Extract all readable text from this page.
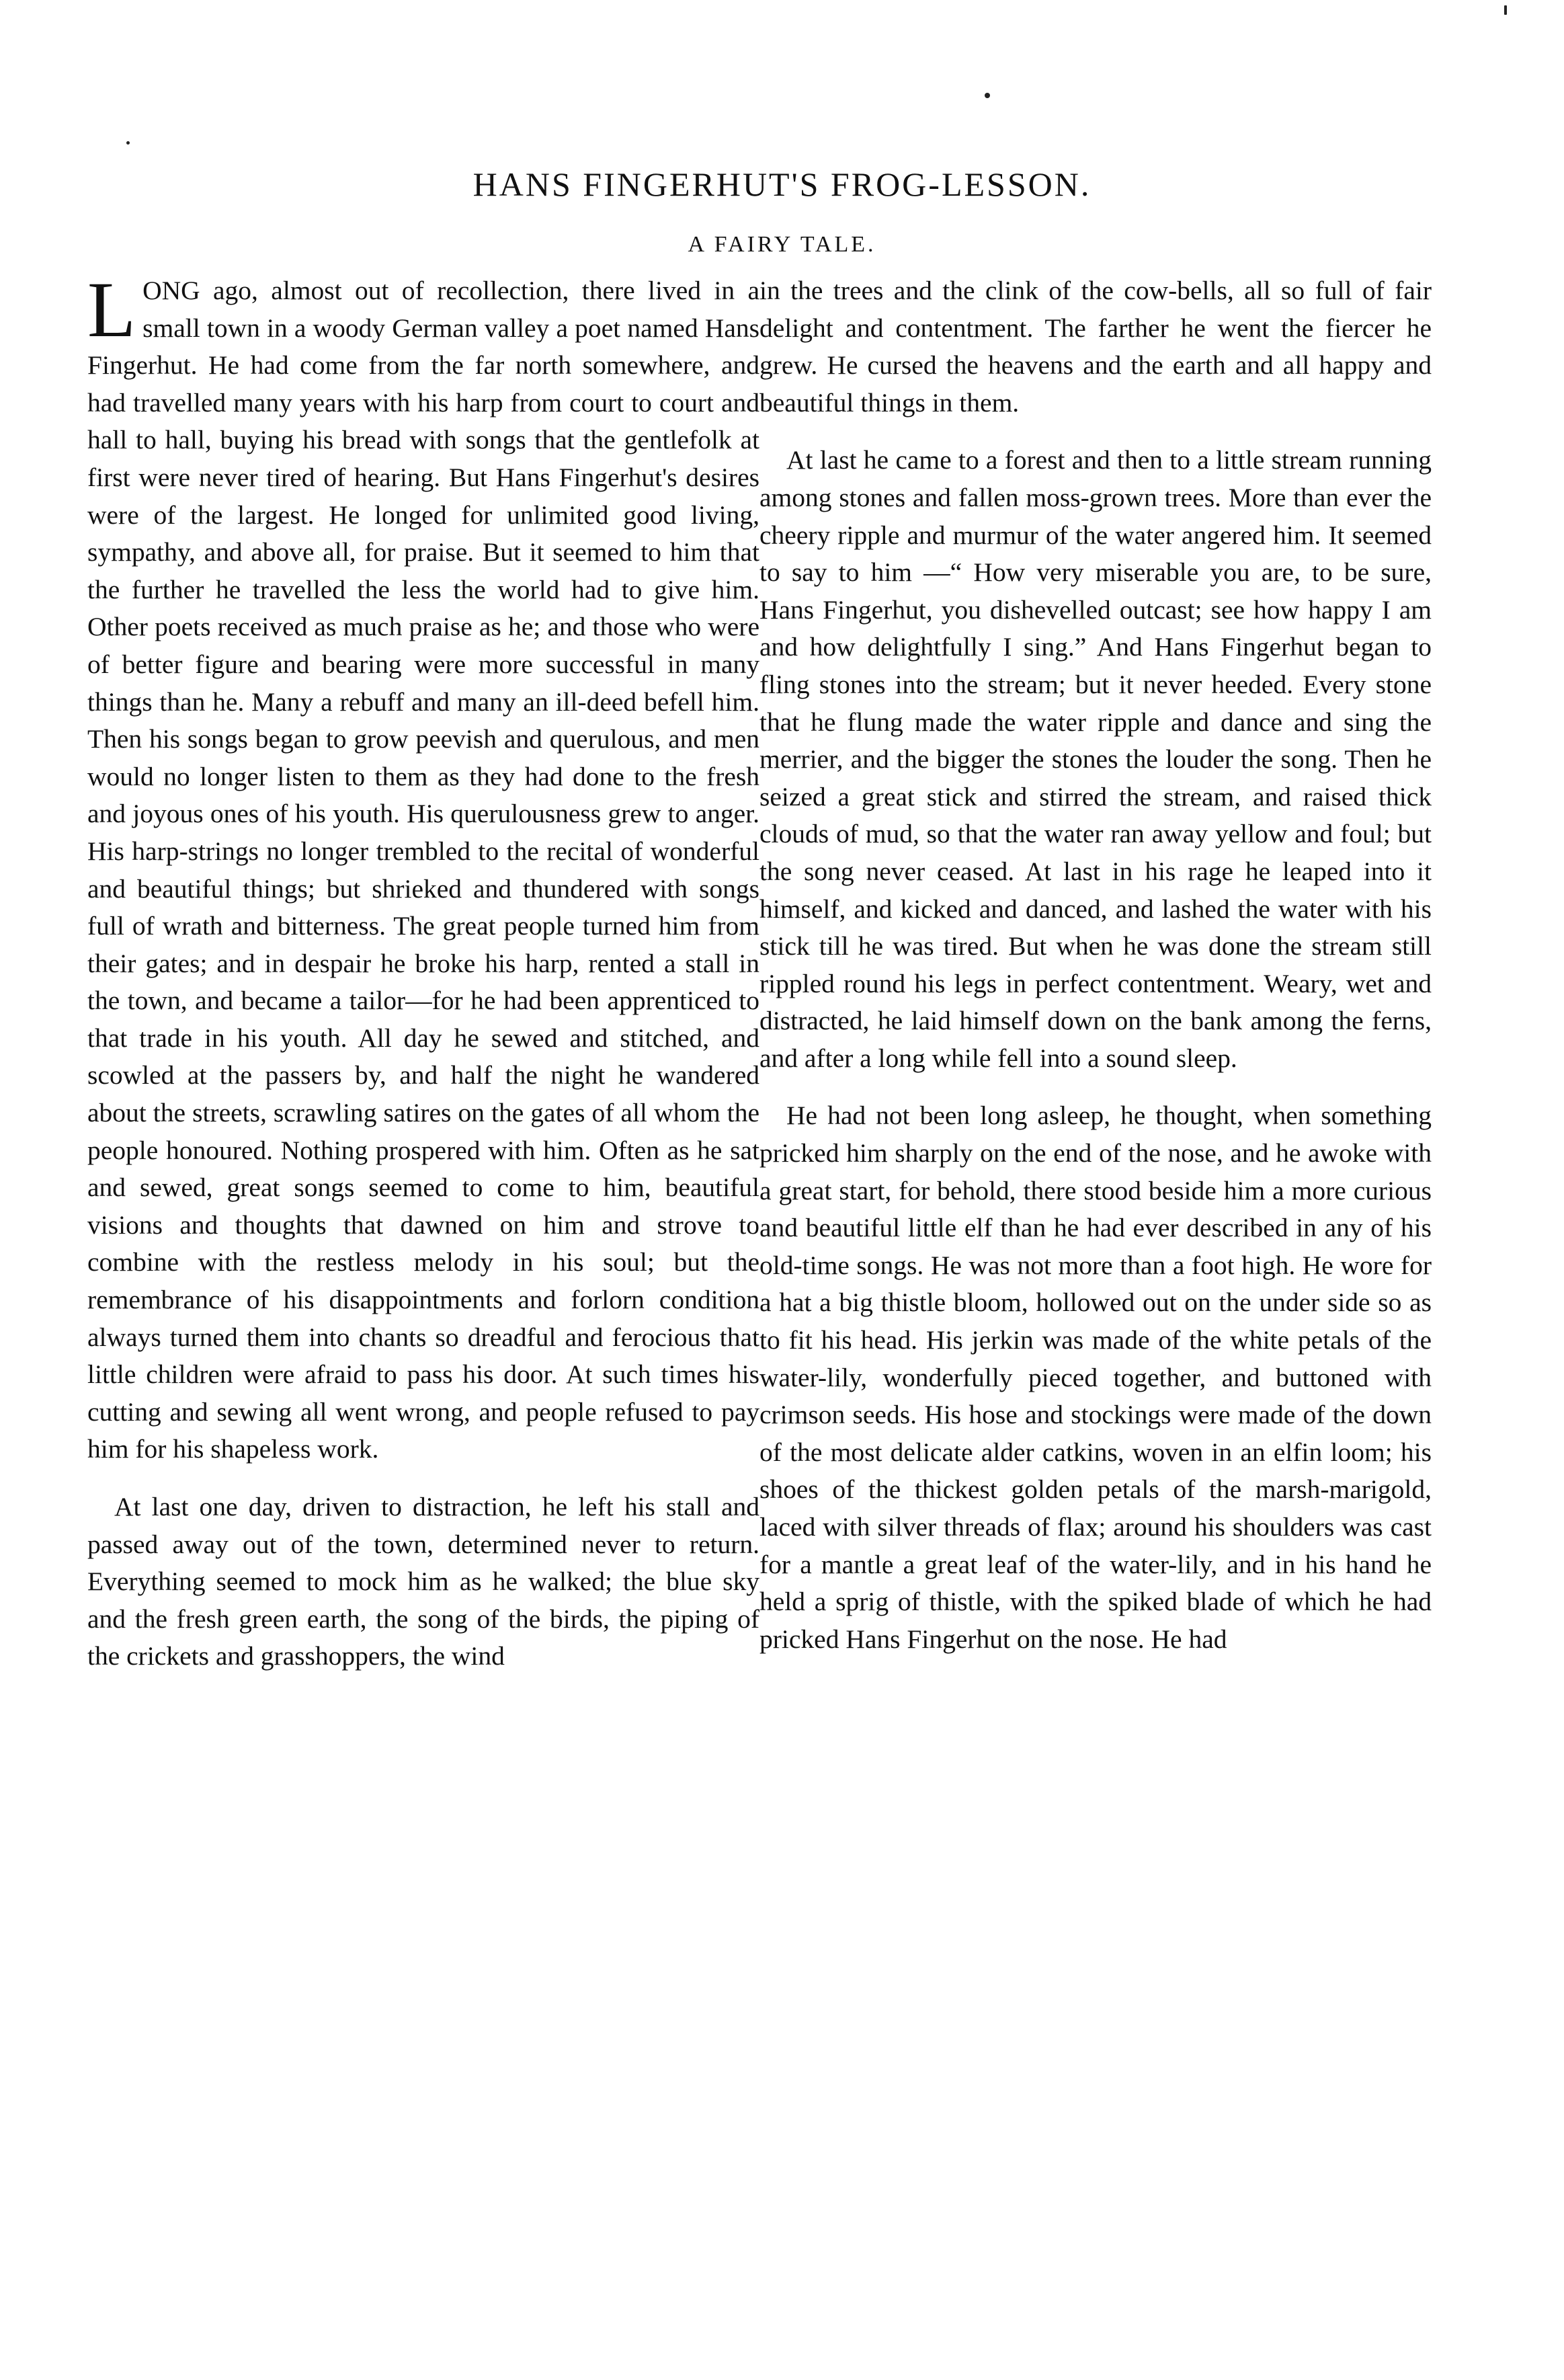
HANS FINGERHUT'S FROG-LESSON.
A FAIRY TALE.

LONG ago, almost out of recollection, there lived in a small town in a woody German valley a poet named Hans Fingerhut. He had come from the far north somewhere, and had travelled many years with his harp from court to court and hall to hall, buying his bread with songs that the gentlefolk at first were never tired of hearing. But Hans Fingerhut's desires were of the largest. He longed for unlimited good living, sympathy, and above all, for praise. But it seemed to him that the further he travelled the less the world had to give him. Other poets received as much praise as he; and those who were of better figure and bearing were more successful in many things than he. Many a rebuff and many an ill-deed befell him. Then his songs began to grow peevish and querulous, and men would no longer listen to them as they had done to the fresh and joyous ones of his youth. His querulousness grew to anger. His harp-strings no longer trembled to the recital of wonderful and beautiful things; but shrieked and thundered with songs full of wrath and bitterness. The great people turned him from their gates; and in despair he broke his harp, rented a stall in the town, and became a tailor—for he had been apprenticed to that trade in his youth. All day he sewed and stitched, and scowled at the passers by, and half the night he wandered about the streets, scrawling satires on the gates of all whom the people honoured. Nothing prospered with him. Often as he sat and sewed, great songs seemed to come to him, beautiful visions and thoughts that dawned on him and strove to combine with the restless melody in his soul; but the remembrance of his disappointments and forlorn condition always turned them into chants so dreadful and ferocious that little children were afraid to pass his door. At such times his cutting and sewing all went wrong, and people refused to pay him for his shapeless work.

At last one day, driven to distraction, he left his stall and passed away out of the town, determined never to return. Everything seemed to mock him as he walked; the blue sky and the fresh green earth, the song of the birds, the piping of the crickets and grasshoppers, the wind

in the trees and the clink of the cow-bells, all so full of fair delight and contentment. The farther he went the fiercer he grew. He cursed the heavens and the earth and all happy and beautiful things in them.

At last he came to a forest and then to a little stream running among stones and fallen moss-grown trees. More than ever the cheery ripple and murmur of the water angered him. It seemed to say to him —“ How very miserable you are, to be sure, Hans Fingerhut, you dishevelled outcast; see how happy I am and how delightfully I sing.” And Hans Fingerhut began to fling stones into the stream; but it never heeded. Every stone that he flung made the water ripple and dance and sing the merrier, and the bigger the stones the louder the song. Then he seized a great stick and stirred the stream, and raised thick clouds of mud, so that the water ran away yellow and foul; but the song never ceased. At last in his rage he leaped into it himself, and kicked and danced, and lashed the water with his stick till he was tired. But when he was done the stream still rippled round his legs in perfect contentment. Weary, wet and distracted, he laid himself down on the bank among the ferns, and after a long while fell into a sound sleep.

He had not been long asleep, he thought, when something pricked him sharply on the end of the nose, and he awoke with a great start, for behold, there stood beside him a more curious and beautiful little elf than he had ever described in any of his old-time songs. He was not more than a foot high. He wore for a hat a big thistle bloom, hollowed out on the under side so as to fit his head. His jerkin was made of the white petals of the water-lily, wonderfully pieced together, and buttoned with crimson seeds. His hose and stockings were made of the down of the most delicate alder catkins, woven in an elfin loom; his shoes of the thickest golden petals of the marsh-marigold, laced with silver threads of flax; around his shoulders was cast for a mantle a great leaf of the water-lily, and in his hand he held a sprig of thistle, with the spiked blade of which he had pricked Hans Fingerhut on the nose. He had
